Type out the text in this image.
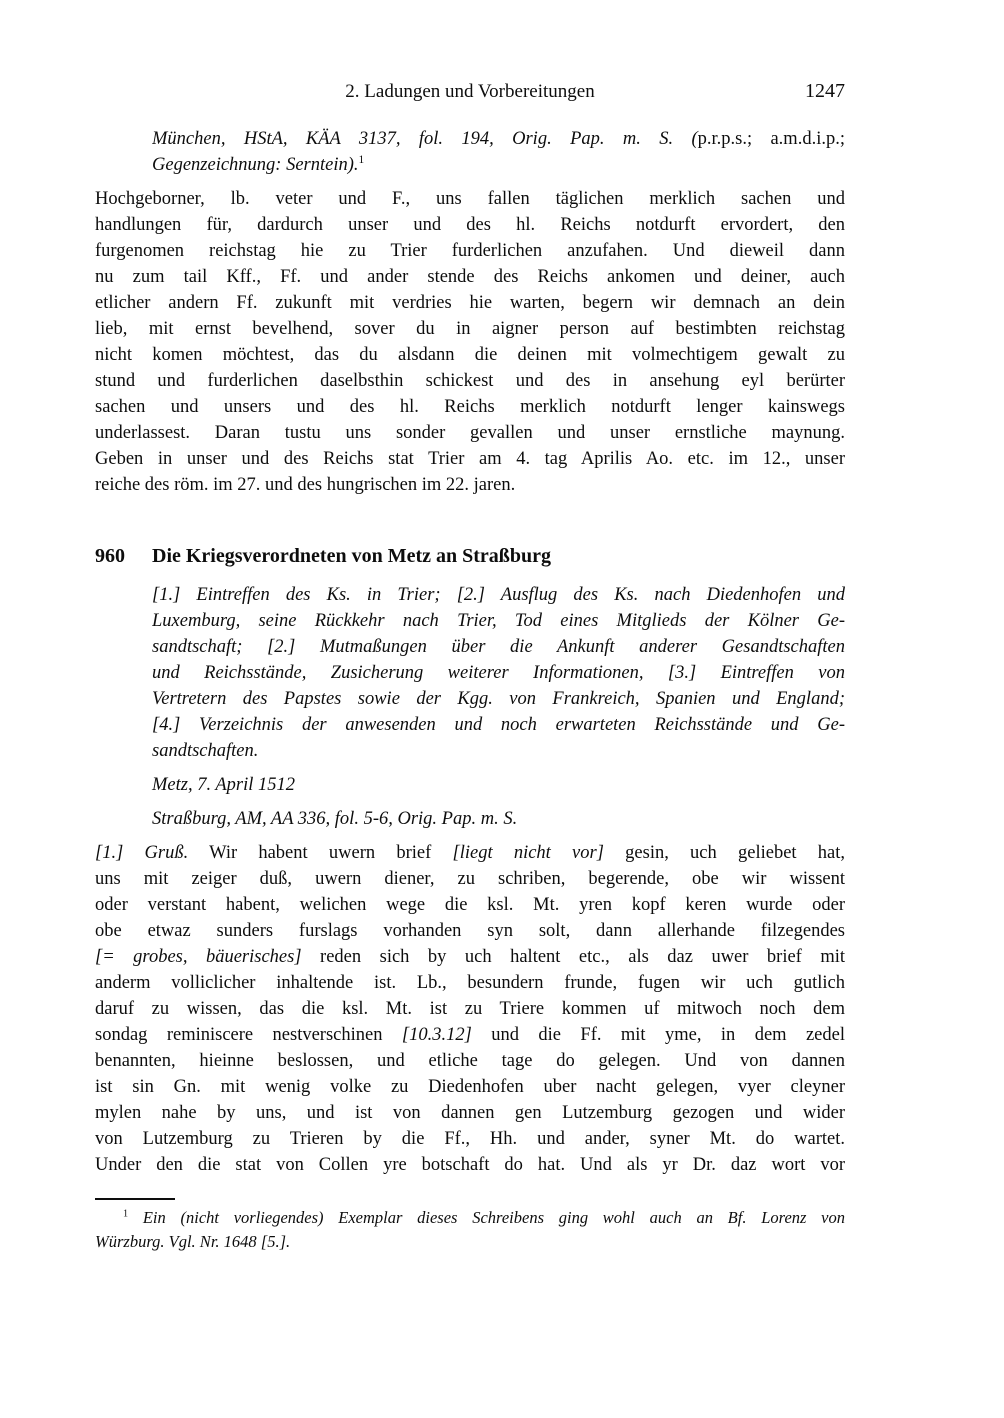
2. Ladungen und Vorbereitungen	1247
München, HStA, KÄA 3137, fol. 194, Orig. Pap. m. S. (p.r.p.s.; a.m.d.i.p.;
Gegenzeichnung: Serntein).$^1$
Hochgeborner, lb. veter und F., uns fallen täglichen merklich sachen und
handlungen für, dardurch unser und des hl. Reichs notdurft ervordert, den
furgenomen reichstag hie zu Trier furderlichen anzufahen. Und dieweil dann
nu zum tail Kff., Ff. und ander stende des Reichs ankomen und deiner, auch
etlicher andern Ff. zukunft mit verdries hie warten, begern wir demnach an dein
lieb, mit ernst bevelhend, sover du in aigner person auf bestimbten reichstag
nicht komen möchtest, das du alsdann die deinen mit volmechtigem gewalt zu
stund und furderlichen daselbsthin schickest und des in ansehung eyl berürter
sachen und unsers und des hl. Reichs merklich notdurft lenger kainswegs
underlassest. Daran tustu uns sonder gevallen und unser ernstliche maynung.
Geben in unser und des Reichs stat Trier am 4. tag Aprilis Ao. etc. im 12., unser
reiche des röm. im 27. und des hungrischen im 22. jaren.
960	Die Kriegsverordneten von Metz an Straßburg
[1.] Eintreffen des Ks. in Trier; [2.] Ausflug des Ks. nach Diedenhofen und
Luxemburg, seine Rückkehr nach Trier, Tod eines Mitglieds der Kölner Ge-
sandtschaft; [2.] Mutmaßungen über die Ankunft anderer Gesandtschaften
und Reichsstände, Zusicherung weiterer Informationen, [3.] Eintreffen von
Vertretern des Papstes sowie der Kgg. von Frankreich, Spanien und England;
[4.] Verzeichnis der anwesenden und noch erwarteten Reichsstände und Ge-
sandtschaften.
Metz, 7. April 1512
Straßburg, AM, AA 336, fol. 5-6, Orig. Pap. m. S.
[1.] Gruß. Wir habent uwern brief [liegt nicht vor] gesin, uch geliebet hat,
uns mit zeiger duß, uwern diener, zu schriben, begerende, obe wir wissent
oder verstant habent, welichen wege die ksl. Mt. yren kopf keren wurde oder
obe etwaz sunders furslags vorhanden syn solt, dann allerhande filzegendes
[= grobes, bäuerisches] reden sich by uch haltent etc., als daz uwer brief mit
anderm volliclicher inhaltende ist. Lb., besundern frunde, fugen wir uch gutlich
daruf zu wissen, das die ksl. Mt. ist zu Triere kommen uf mitwoch noch dem
sondag reminiscere nestverschinen [10.3.12] und die Ff. mit yme, in dem zedel
benannten, hieinne beslossen, und etliche tage do gelegen. Und von dannen
ist sin Gn. mit wenig volke zu Diedenhofen uber nacht gelegen, vyer cleyner
mylen nahe by uns, und ist von dannen gen Lutzemburg gezogen und wider
von Lutzemburg zu Trieren by die Ff., Hh. und ander, syner Mt. do wartet.
Under den die stat von Collen yre botschaft do hat. Und als yr Dr. daz wort vor
$^1$ Ein (nicht vorliegendes) Exemplar dieses Schreibens ging wohl auch an Bf. Lorenz von
Würzburg. Vgl. Nr. 1648 [5.].
